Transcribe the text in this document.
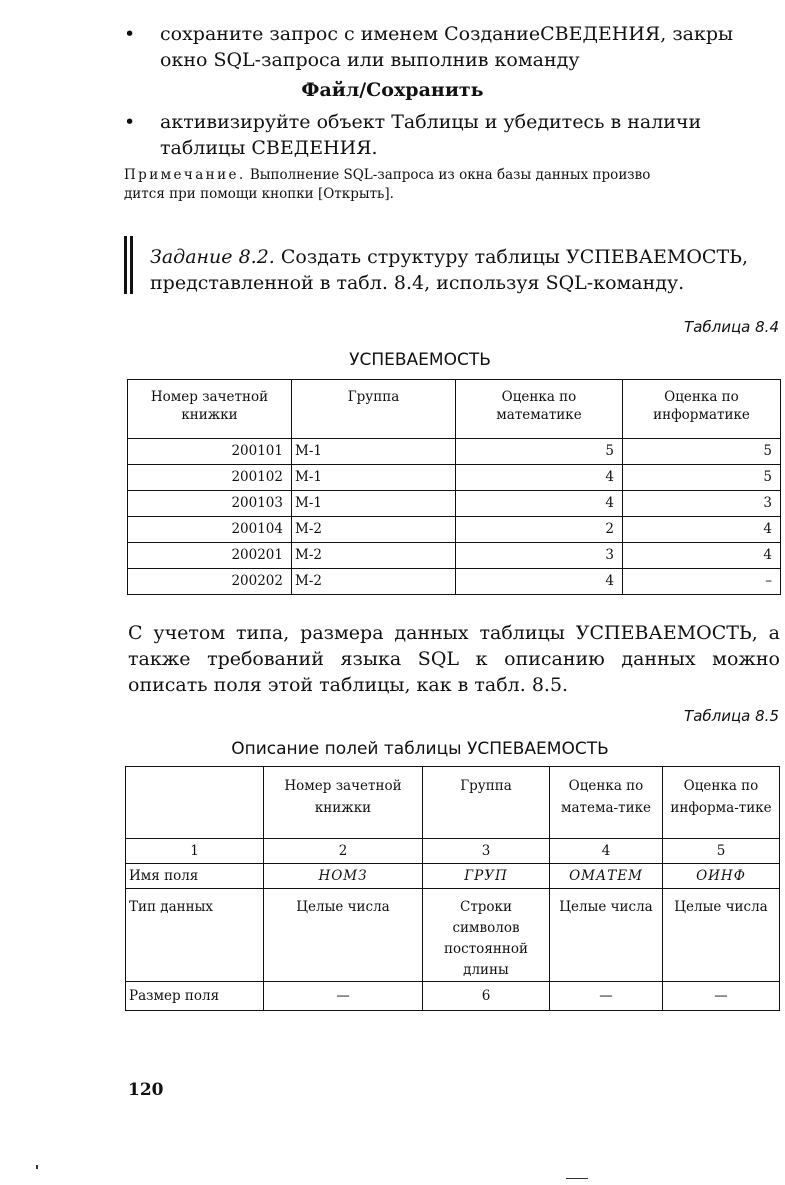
• сохраните запрос с именем СозданиеСВЕДЕНИЯ, закры
окно SQL-запроса или выполнив команду
Файл/Сохранить
• активизируйте объект Таблицы и убедитесь в наличи
таблицы СВЕДЕНИЯ.
Примечание. Выполнение SQL-запроса из окна базы данных произво
дится при помощи кнопки [Открыть].
Задание 8.2. Создать структуру таблицы УСПЕВАЕМОСТЬ,
представленной в табл. 8.4, используя SQL-команду.
Таблица 8.4
УСПЕВАЕМОСТЬ
Номер зачетной книжки	Группа	Оценка по математике	Оценка по информатике
200101	М-1	5	5
200102	М-1	4	5
200103	М-1	4	3
200104	М-2	2	4
200201	М-2	3	4
200202	М-2	4	–
С учетом типа, размера данных таблицы УСПЕВАЕМОСТЬ, а также требований языка SQL к описанию данных можно описать поля этой таблицы, как в табл. 8.5.
Таблица 8.5
Описание полей таблицы УСПЕВАЕМОСТЬ
	Номер зачетной книжки	Группа	Оценка по матема-тике	Оценка по информа-тике
1	2	3	4	5
Имя поля	НОМЗ	ГРУП	ОМАТЕМ	ОИНФ
Тип данных	Целые числа	Строки символов постоянной длины	Целые числа	Целые числа
Размер поля	—	6	—	—
120
